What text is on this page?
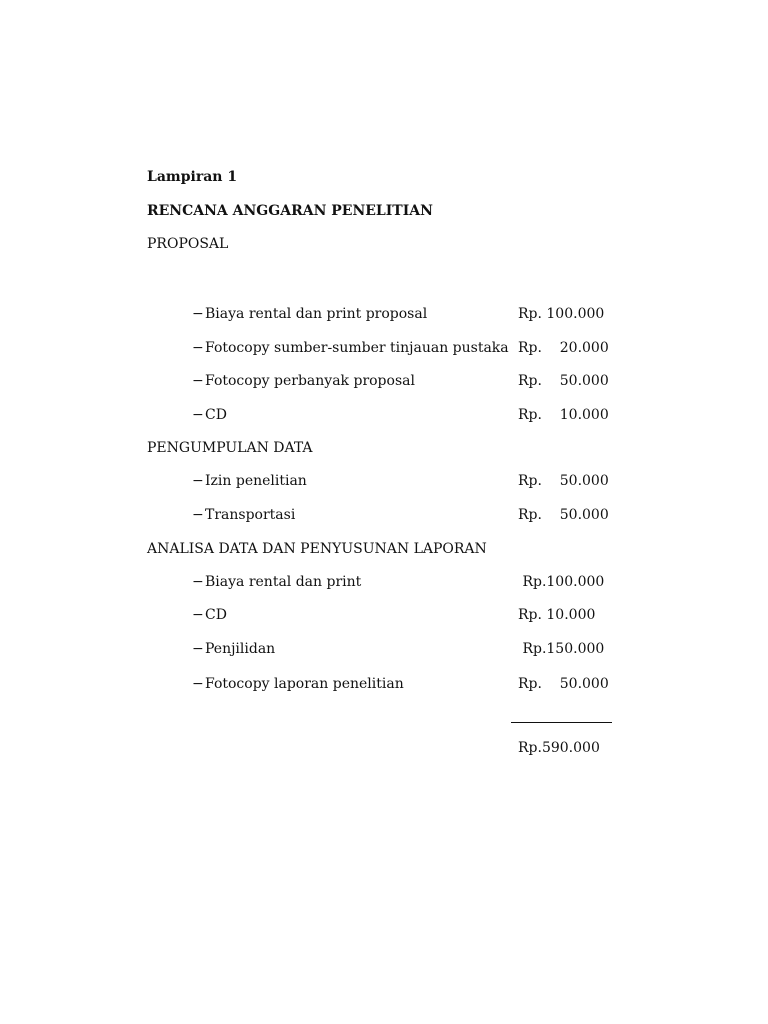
Lampiran 1
RENCANA ANGGARAN PENELITIAN
PROPOSAL
− Biaya rental dan print proposal	Rp. 100.000
− Fotocopy sumber-sumber tinjauan pustaka Rp.    20.000
− Fotocopy perbanyak proposal	Rp.    50.000
− CD	Rp.    10.000
PENGUMPULAN DATA
− Izin penelitian	Rp.    50.000
− Transportasi	Rp.    50.000
ANALISA DATA DAN PENYUSUNAN LAPORAN
− Biaya rental dan print	Rp.100.000
− CD	Rp. 10.000
− Penjilidan	Rp.150.000
− Fotocopy laporan penelitian	Rp.    50.000
Rp.590.000
